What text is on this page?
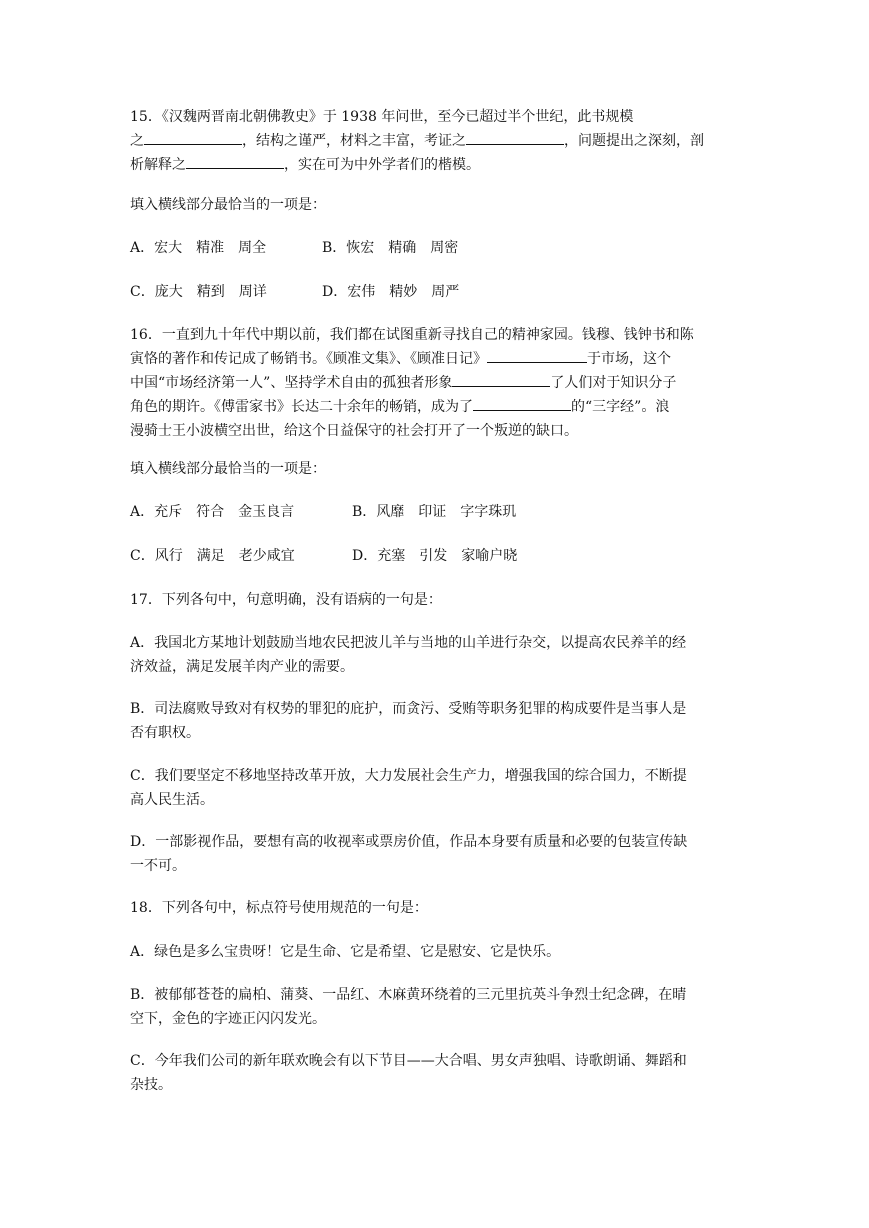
15．《汉魏两晋南北朝佛教史》于 1938 年问世，至今已超过半个世纪，此书规模
之	，结构之谨严，材料之丰富，考证之	，问题提出之深刻，剖
析解释之	，实在可为中外学者们的楷模。
填入横线部分最恰当的一项是：
A．宏大　精准　周全	B．恢宏　精确　周密
C．庞大　精到　周详	D．宏伟　精妙　周严
16．一直到九十年代中期以前，我们都在试图重新寻找自己的精神家园。钱穆、钱钟书和陈
寅恪的著作和传记成了畅销书。《顾准文集》、《顾准日记》	于市场，这个
中国“市场经济第一人”、坚持学术自由的孤独者形象	了人们对于知识分子
角色的期许。《傅雷家书》长达二十余年的畅销，成为了	的“三字经”。浪
漫骑士王小波横空出世，给这个日益保守的社会打开了一个叛逆的缺口。
填入横线部分最恰当的一项是：
A．充斥　符合　金玉良言	B．风靡　印证　字字珠玑
C．风行　满足　老少咸宜	D．充塞　引发　家喻户晓
17．下列各句中，句意明确，没有语病的一句是：
A．我国北方某地计划鼓励当地农民把波儿羊与当地的山羊进行杂交，以提高农民养羊的经
济效益，满足发展羊肉产业的需要。
B．司法腐败导致对有权势的罪犯的庇护，而贪污、受贿等职务犯罪的构成要件是当事人是
否有职权。
C．我们要坚定不移地坚持改革开放，大力发展社会生产力，增强我国的综合国力，不断提
高人民生活。
D．一部影视作品，要想有高的收视率或票房价值，作品本身要有质量和必要的包装宣传缺
一不可。
18．下列各句中，标点符号使用规范的一句是：
A．绿色是多么宝贵呀！它是生命、它是希望、它是慰安、它是快乐。
B．被郁郁苍苍的扁柏、蒲葵、一品红、木麻黄环绕着的三元里抗英斗争烈士纪念碑，在晴
空下，金色的字迹正闪闪发光。
C．今年我们公司的新年联欢晚会有以下节目——大合唱、男女声独唱、诗歌朗诵、舞蹈和
杂技。
